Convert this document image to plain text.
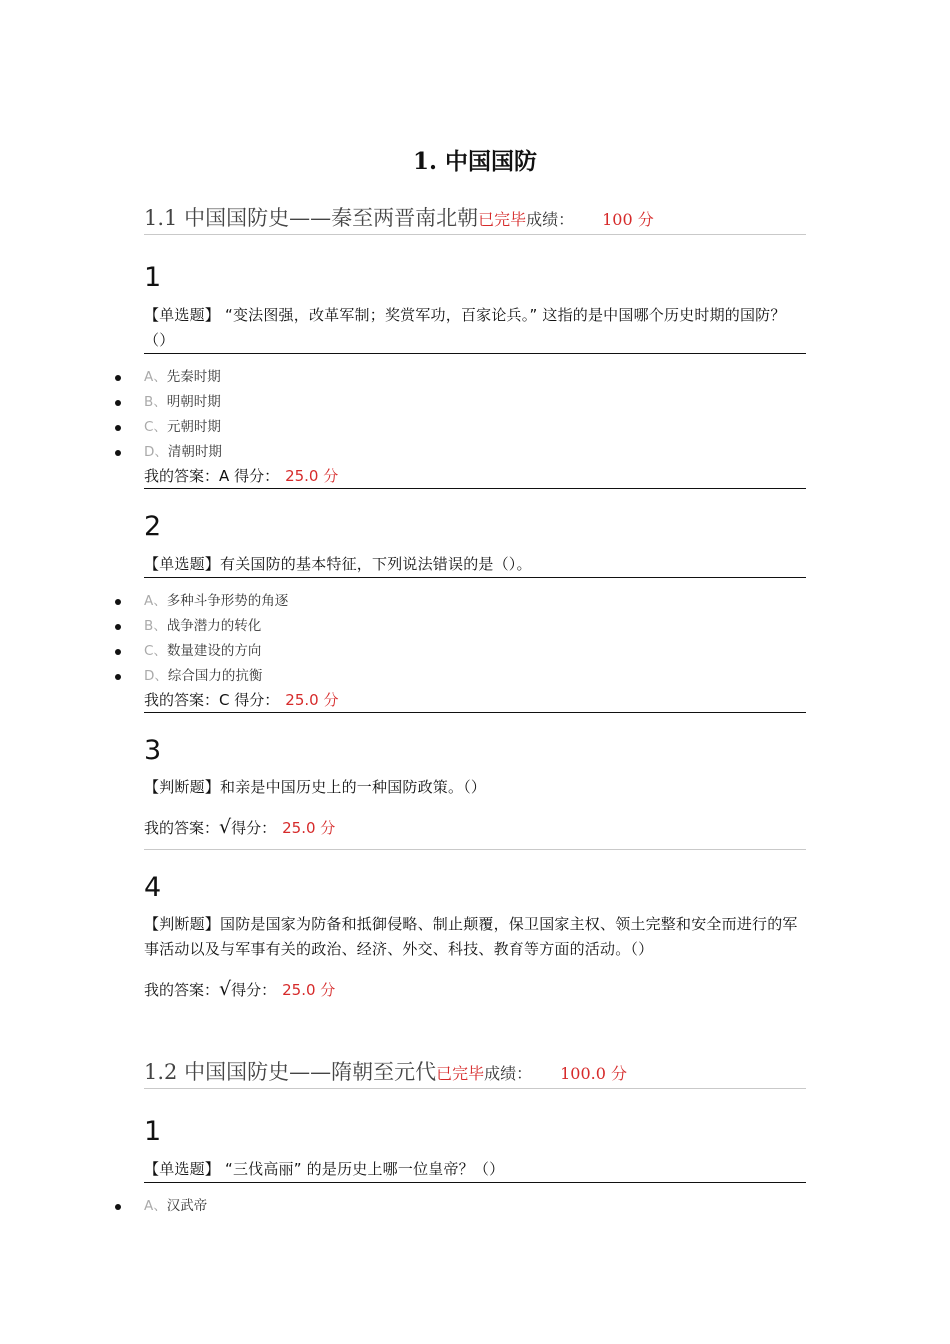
1. 中国国防
1.1 中国国防史——秦至两晋南北朝已完毕成绩： 100 分
1
【单选题】 “变法图强，改革军制；奖赏军功，百家论兵。” 这指的是中国哪个历史时期的国防？（）
A、先秦时期
B、明朝时期
C、元朝时期
D、清朝时期
我的答案：A 得分： 25.0 分
2
【单选题】有关国防的基本特征，下列说法错误的是（）。
A、多种斗争形势的角逐
B、战争潜力的转化
C、数量建设的方向
D、综合国力的抗衡
我的答案：C 得分： 25.0 分
3
【判断题】和亲是中国历史上的一种国防政策。（）
我的答案：√得分： 25.0 分
4
【判断题】国防是国家为防备和抵御侵略、制止颠覆，保卫国家主权、领土完整和安全而进行的军事活动以及与军事有关的政治、经济、外交、科技、教育等方面的活动。（）
我的答案：√得分： 25.0 分
1.2 中国国防史——隋朝至元代已完毕成绩： 100.0 分
1
【单选题】 “三伐高丽” 的是历史上哪一位皇帝？（）
A、汉武帝
